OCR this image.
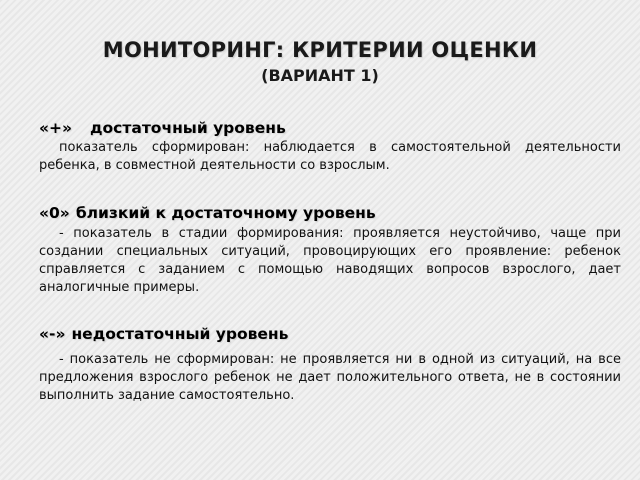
МОНИТОРИНГ: КРИТЕРИИ ОЦЕНКИ
(ВАРИАНТ 1)
«+» достаточный уровень
показатель сформирован: наблюдается в самостоятельной деятельности ребенка, в совместной деятельности со взрослым.
«0» близкий к достаточному уровень
- показатель в стадии формирования: проявляется неустойчиво, чаще при создании специальных ситуаций, провоцирующих его проявление: ребенок справляется с заданием с помощью наводящих вопросов взрослого, дает аналогичные примеры.
«-» недостаточный уровень
- показатель не сформирован: не проявляется ни в одной из ситуаций, на все предложения взрослого ребенок не дает положительного ответа, не в состоянии выполнить задание самостоятельно.
